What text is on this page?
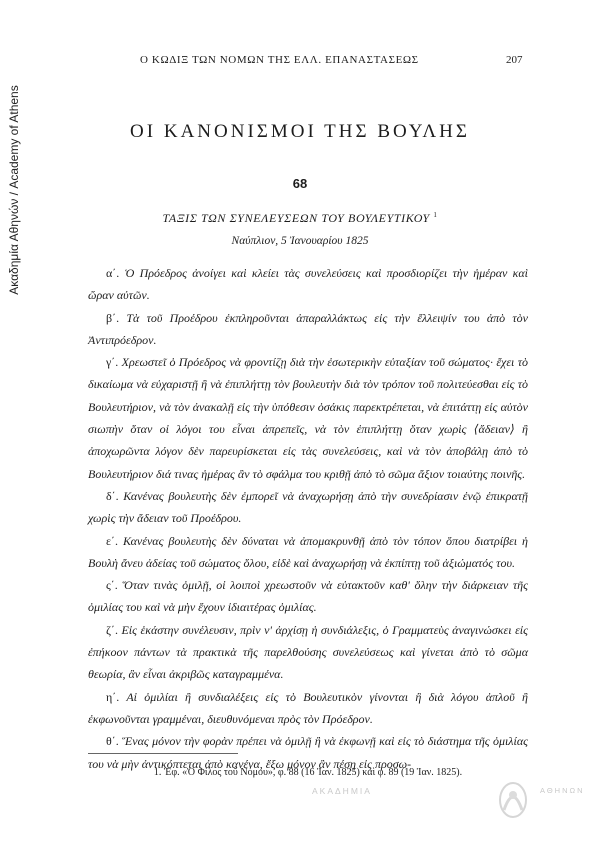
Ακαδημία Αθηνών / Academy of Athens
Ο ΚΩΔΙΞ ΤΩΝ ΝΟΜΩΝ ΤΗΣ ΕΛΛ. ΕΠΑΝΑΣΤΑΣΕΩΣ	207
ΟΙ ΚΑΝΟΝΙΣΜΟΙ ΤΗΣ ΒΟΥΛΗΣ
68
ΤΑΞΙΣ ΤΩΝ ΣΥΝΕΛΕΥΣΕΩΝ ΤΟΥ ΒΟΥΛΕΥΤΙΚΟΥ $^1$
Ναύπλιον, 5 Ἰανουαρίου 1825

α΄. Ὁ Πρόεδρος ἀνοίγει καὶ κλείει τὰς συνελεύσεις καὶ προσδιορίζει τὴν ἡμέραν καὶ ὥραν αὐτῶν.

β΄. Τὰ τοῦ Προέδρου ἐκπληροῦνται ἀπαραλλάκτως εἰς τὴν ἔλλειψίν του ἀπὸ τὸν Ἀντιπρόεδρον.

γ΄. Χρεωστεῖ ὁ Πρόεδρος νὰ φροντίζῃ διὰ τὴν ἐσωτερικὴν εὐταξίαν τοῦ σώματος· ἔχει τὸ δικαίωμα νὰ εὐχαριστῇ ἢ νὰ ἐπιπλήττῃ τὸν βουλευτὴν διὰ τὸν τρόπον τοῦ πολιτεύεσθαι εἰς τὸ Βουλευτήριον, νὰ τὸν ἀνακαλῇ εἰς τὴν ὑπόθεσιν ὁσάκις παρεκτρέπεται, νὰ ἐπιτάττῃ εἰς αὐτὸν σιωπὴν ὅταν οἱ λόγοι του εἶναι ἀπρεπεῖς, νὰ τὸν ἐπιπλήττῃ ὅταν χωρὶς ⟨ἄδειαν⟩ ἢ ἀποχωρῶντα λόγον δὲν παρευρίσκεται εἰς τὰς συνελεύσεις, καὶ νὰ τὸν ἀποβάλῃ ἀπὸ τὸ Βουλευτήριον διά τινας ἡμέρας ἂν τὸ σφάλμα του κριθῇ ἀπὸ τὸ σῶμα ἄξιον τοιαύτης ποινῆς.

δ΄. Κανένας βουλευτὴς δὲν ἐμπορεῖ νὰ ἀναχωρήσῃ ἀπὸ τὴν συνεδρίασιν ἐνῷ ἐπικρατῇ χωρὶς τὴν ἄδειαν τοῦ Προέδρου.

ε΄. Κανένας βουλευτὴς δὲν δύναται νὰ ἀπομακρυνθῇ ἀπὸ τὸν τόπον ὅπου διατρίβει ἡ Βουλὴ ἄνευ ἀδείας τοῦ σώματος ὅλου, εἰδὲ καὶ ἀναχωρήσῃ νὰ ἐκπίπτῃ τοῦ ἀξιώματός του.

ς΄. Ὅταν τινὰς ὁμιλῇ, οἱ λοιποὶ χρεωστοῦν νὰ εὐτακτοῦν καθ' ὅλην τὴν διάρκειαν τῆς ὁμιλίας του καὶ νὰ μὴν ἔχουν ἰδιαιτέρας ὁμιλίας.

ζ΄. Εἰς ἑκάστην συνέλευσιν, πρὶν ν' ἀρχίσῃ ἡ συνδιάλεξις, ὁ Γραμματεὺς ἀναγινώσκει εἰς ἐπήκοον πάντων τὰ πρακτικὰ τῆς παρελθούσης συνελεύσεως καὶ γίνεται ἀπὸ τὸ σῶμα θεωρία, ἂν εἶναι ἀκριβῶς καταγραμμένα.

η΄. Αἱ ὁμιλίαι ἢ συνδιαλέξεις εἰς τὸ Βουλευτικὸν γίνονται ἢ διὰ λόγου ἁπλοῦ ἢ ἐκφωνοῦνται γραμμέναι, διευθυνόμεναι πρὸς τὸν Πρόεδρον.

θ΄. Ἕνας μόνον τὴν φορὰν πρέπει νὰ ὁμιλῇ ἢ νὰ ἐκφωνῇ καὶ εἰς τὸ διάστημα τῆς ὁμιλίας του νὰ μὴν ἀντικόπτεται ἀπὸ κανένα, ἔξω μόνον ἂν πέσῃ εἰς προσω-

1. Ἐφ. «Ὁ Φίλος τοῦ Νόμου», φ. 88 (16 Ἰαν. 1825) καὶ φ. 89 (19 Ἰαν. 1825).
ΑΚΑΔΗΜΙΑ	ΑΘΗΝΩΝ
